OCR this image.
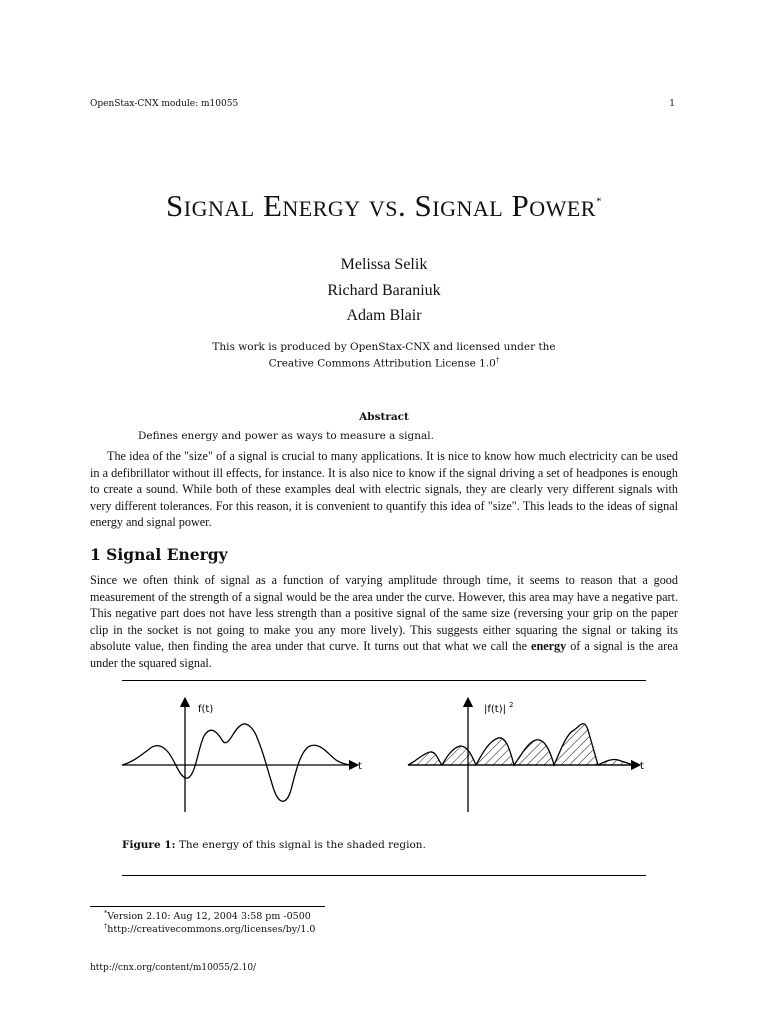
OpenStax-CNX module: m10055	1
Signal Energy vs. Signal Power*
Melissa Selik
Richard Baraniuk
Adam Blair
This work is produced by OpenStax-CNX and licensed under the
Creative Commons Attribution License 1.0†
Abstract
Defines energy and power as ways to measure a signal.

The idea of the "size" of a signal is crucial to many applications. It is nice to know how much electricity can be used in a defibrillator without ill effects, for instance. It is also nice to know if the signal driving a set of headpones is enough to create a sound. While both of these examples deal with electric signals, they are clearly very different signals with very different tolerances. For this reason, it is convenient to quantify this idea of "size". This leads to the ideas of signal energy and signal power.

1 Signal Energy

Since we often think of signal as a function of varying amplitude through time, it seems to reason that a good measurement of the strength of a signal would be the area under the curve. However, this area may have a negative part. This negative part does not have less strength than a positive signal of the same size (reversing your grip on the paper clip in the socket is not going to make you any more lively). This suggests either squaring the signal or taking its absolute value, then finding the area under that curve. It turns out that what we call the energy of a signal is the area under the squared signal.

f(t)
t
|f(t)| 2
t
Figure 1: The energy of this signal is the shaded region.
*Version 2.10: Aug 12, 2004 3:58 pm -0500
†http://creativecommons.org/licenses/by/1.0
http://cnx.org/content/m10055/2.10/
